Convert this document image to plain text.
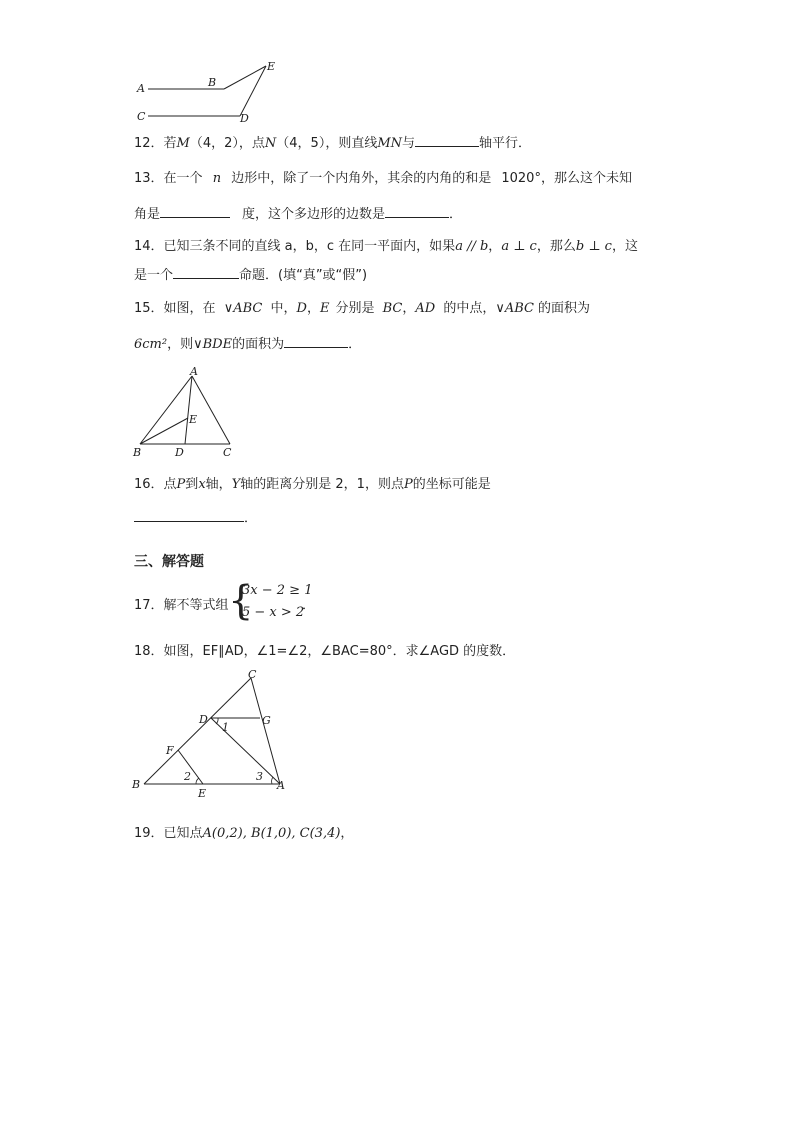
A	B
C	D
E
12．若M（4，2），点N（4，5），则直线MN与	轴平行．
13．在一个 n 边形中，除了一个内角外，其余的内角的和是 1020°，那么这个未知
角是	度，这个多边形的边数是	．
14．已知三条不同的直线 a，b，c 在同一平面内，如果a // b，a ⊥ c，那么b ⊥ c，这
是一个	命题．(填“真”或“假”)
15．如图，在 ∨ABC 中，D，E 分别是 BC，AD 的中点，∨ABC 的面积为
6cm²，则∨BDE的面积为	．
A
E
B	D	C
16．点P到x轴，Y轴的距离分别是 2，1，则点P的坐标可能是
．
三、解答题
17．解不等式组 {
3x − 2 ≥ 1
5 − x > 2
．
18．如图，EF∥AD，∠1=∠2，∠BAC=80°．求∠AGD 的度数．
C
D	G
1
F
2	3
B
E
A
19．已知点A(0,2), B(1,0), C(3,4)，
